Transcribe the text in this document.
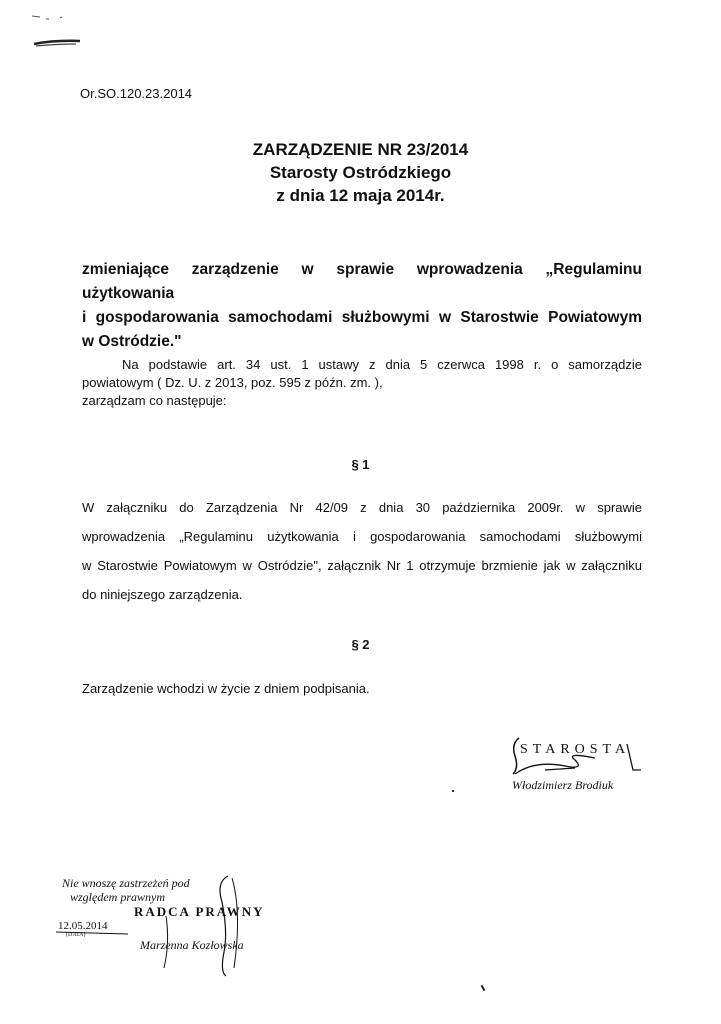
Or.SO.120.23.2014
ZARZĄDZENIE NR 23/2014
Starosty Ostródzkiego
z dnia 12 maja 2014r.
zmieniające zarządzenie w sprawie wprowadzenia „Regulaminu użytkowania
i gospodarowania samochodami służbowymi w Starostwie Powiatowym
w Ostródzie."
Na podstawie art. 34 ust. 1 ustawy z dnia 5 czerwca 1998 r. o samorządzie
powiatowym ( Dz. U. z 2013, poz. 595 z późn. zm. ),
zarządzam co następuje:
§ 1
W załączniku do Zarządzenia Nr 42/09 z dnia 30 października 2009r. w sprawie
wprowadzenia „Regulaminu użytkowania i gospodarowania samochodami służbowymi
w Starostwie Powiatowym w Ostródzie", załącznik Nr 1 otrzymuje brzmienie jak w załączniku
do niniejszego zarządzenia.
§ 2
Zarządzenie wchodzi w życie z dniem podpisania.
STAROSTA
Włodzimierz Brodiuk
Nie wnoszę zastrzeżeń pod
względem prawnym
RADCA PRAWNY
12.05.2014
(DATA)
Marzenna Kozłowska
